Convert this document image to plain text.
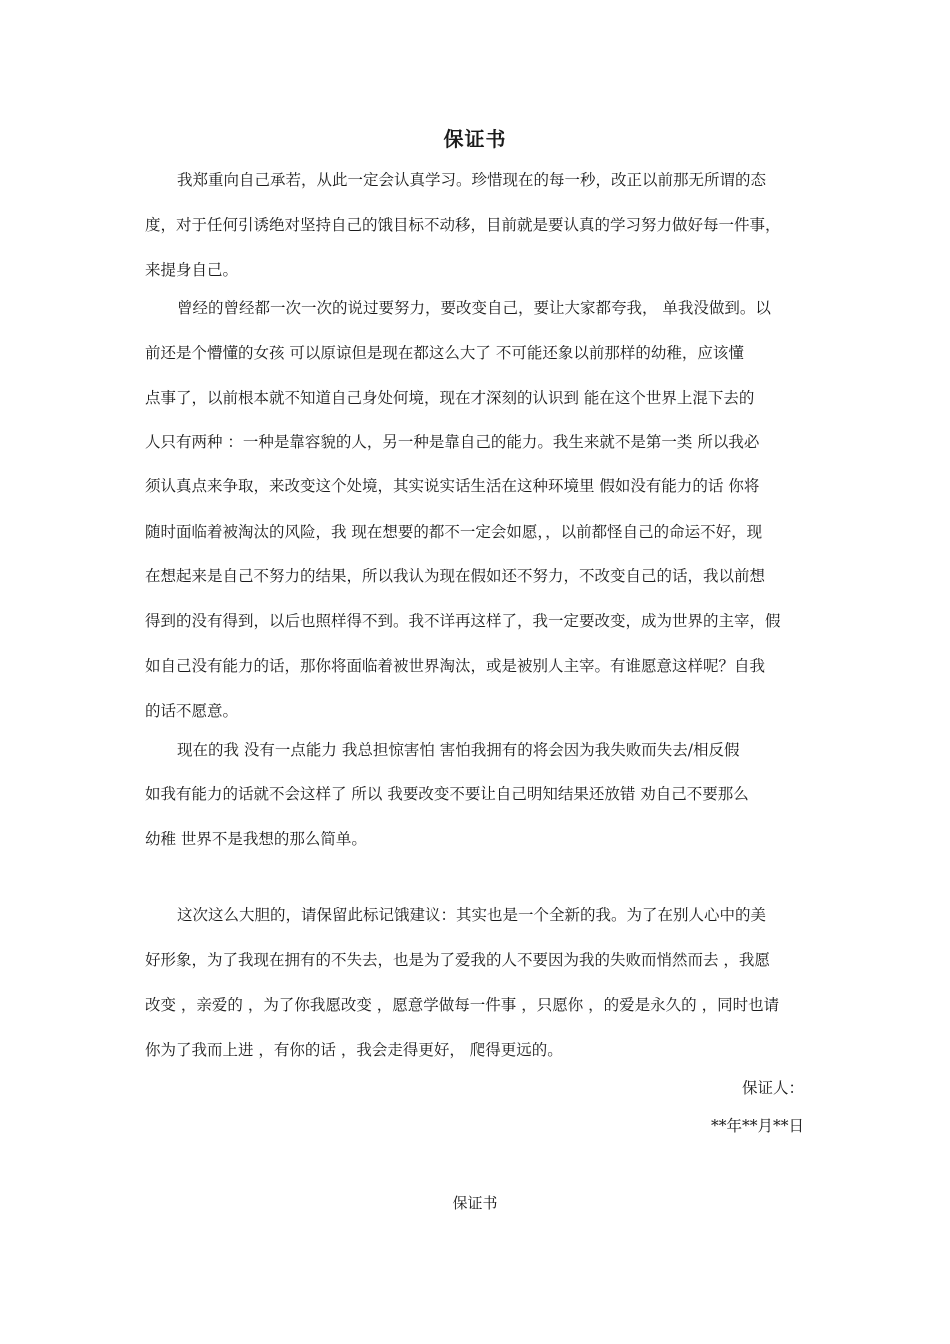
保证书
我郑重向自己承若，从此一定会认真学习。珍惜现在的每一秒，改正以前那无所谓的态
度，对于任何引诱绝对坚持自己的饿目标不动移，目前就是要认真的学习努力做好每一件事，
来提身自己。
曾经的曾经都一次一次的说过要努力，要改变自己，要让大家都夸我， 单我没做到。以
前还是个懵懂的女孩 可以原谅但是现在都这么大了 不可能还象以前那样的幼稚，应该懂
点事了，以前根本就不知道自己身处何境，现在才深刻的认识到 能在这个世界上混下去的
人只有两种 ：一种是靠容貌的人，另一种是靠自己的能力。我生来就不是第一类 所以我必
须认真点来争取，来改变这个处境，其实说实话生活在这种环境里 假如没有能力的话 你将
随时面临着被淘汰的风险，我 现在想要的都不一定会如愿，，以前都怪自己的命运不好，现
在想起来是自己不努力的结果，所以我认为现在假如还不努力，不改变自己的话，我以前想
得到的没有得到，以后也照样得不到。我不详再这样了，我一定要改变，成为世界的主宰，假
如自己没有能力的话，那你将面临着被世界淘汰，或是被别人主宰。有谁愿意这样呢？自我
的话不愿意。
现在的我 没有一点能力 我总担惊害怕 害怕我拥有的将会因为我失败而失去/相反假
如我有能力的话就不会这样了 所以 我要改变不要让自己明知结果还放错 劝自己不要那么
幼稚 世界不是我想的那么简单。
这次这么大胆的，请保留此标记饿建议：其实也是一个全新的我。为了在别人心中的美
好形象，为了我现在拥有的不失去，也是为了爱我的人不要因为我的失败而悄然而去 ，我愿
改变 ，亲爱的 ，为了你我愿改变 ，愿意学做每一件事 ，只愿你 ，的爱是永久的 ，同时也请
你为了我而上进 ，有你的话 ，我会走得更好， 爬得更远的。
保证人：
**年**月**日
保证书
